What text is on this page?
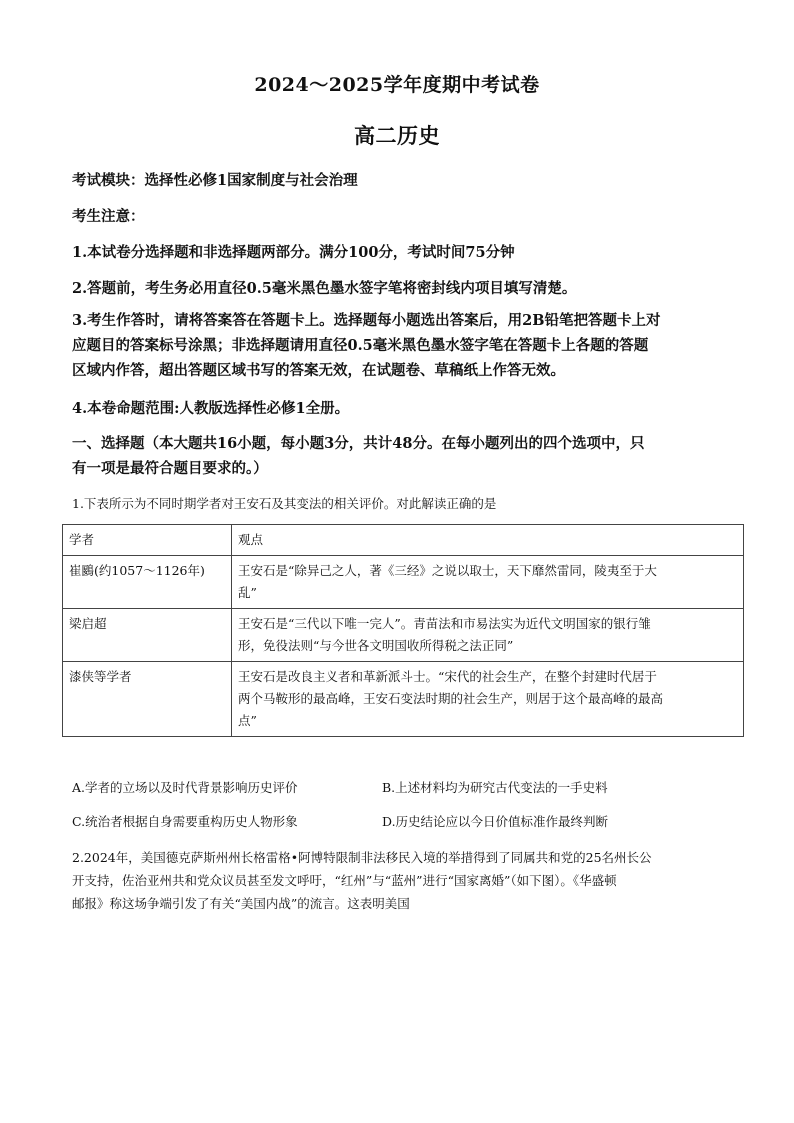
2024～2025学年度期中考试卷
高二历史
考试模块：选择性必修1国家制度与社会治理
考生注意：
1.本试卷分选择题和非选择题两部分。满分100分，考试时间75分钟
2.答题前，考生务必用直径0.5毫米黑色墨水签字笔将密封线内项目填写清楚。
3.考生作答时，请将答案答在答题卡上。选择题每小题选出答案后，用2B铅笔把答题卡上对
应题目的答案标号涂黑；非选择题请用直径0.5毫米黑色墨水签字笔在答题卡上各题的答题
区域内作答，超出答题区域书写的答案无效，在试题卷、草稿纸上作答无效。
4.本卷命题范围:人教版选择性必修1全册。
一、选择题（本大题共16小题，每小题3分，共计48分。在每小题列出的四个选项中，只
有一项是最符合题目要求的。）
1.下表所示为不同时期学者对王安石及其变法的相关评价。对此解读正确的是
学者	观点
崔鶠(约1057～1126年)	王安石是“除异己之人，著《三经》之说以取士，天下靡然雷同，陵夷至于大
乱”

梁启超	王安石是“三代以下唯一完人”。青苗法和市易法实为近代文明国家的银行雏
形，免役法则“与今世各文明国收所得税之法正同”

漆侠等学者	王安石是改良主义者和革新派斗士。“宋代的社会生产，在整个封建时代居于
两个马鞍形的最高峰，王安石变法时期的社会生产，则居于这个最高峰的最高
点”
A.学者的立场以及时代背景影响历史评价	B.上述材料均为研究古代变法的一手史料
C.统治者根据自身需要重构历史人物形象	D.历史结论应以今日价值标准作最终判断
2.2024年，美国德克萨斯州州长格雷格•阿博特限制非法移民入境的举措得到了同属共和党的25名州长公
开支持，佐治亚州共和党众议员甚至发文呼吁，“红州”与“蓝州”进行“国家离婚”（如下图）。《华盛顿
邮报》称这场争端引发了有关“美国内战”的流言。这表明美国
